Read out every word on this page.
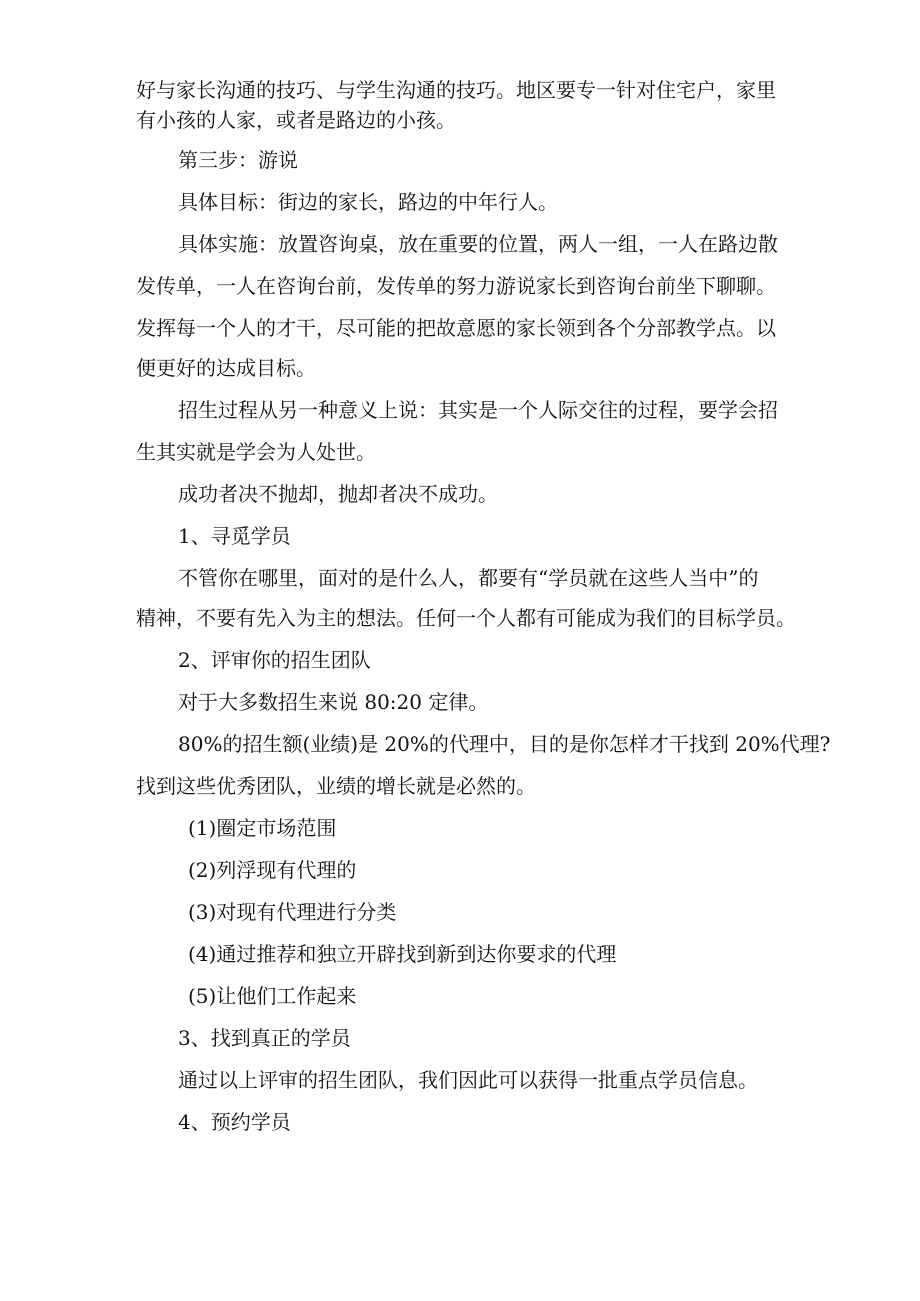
好与家长沟通的技巧、与学生沟通的技巧。地区要专一针对住宅户，家里
有小孩的人家，或者是路边的小孩。
第三步：游说
具体目标：街边的家长，路边的中年行人。
具体实施：放置咨询桌，放在重要的位置，两人一组，一人在路边散
发传单，一人在咨询台前，发传单的努力游说家长到咨询台前坐下聊聊。
发挥每一个人的才干，尽可能的把故意愿的家长领到各个分部教学点。以
便更好的达成目标。
招生过程从另一种意义上说：其实是一个人际交往的过程，要学会招
生其实就是学会为人处世。
成功者决不抛却，抛却者决不成功。
1、寻觅学员
不管你在哪里，面对的是什么人，都要有“学员就在这些人当中”的
精神，不要有先入为主的想法。任何一个人都有可能成为我们的目标学员。
2、评审你的招生团队
对于大多数招生来说 80:20 定律。
80%的招生额(业绩)是 20%的代理中，目的是你怎样才干找到 20%代理?
找到这些优秀团队，业绩的增长就是必然的。
(1)圈定市场范围
(2)列浮现有代理的
(3)对现有代理进行分类
(4)通过推荐和独立开辟找到新到达你要求的代理
(5)让他们工作起来
3、找到真正的学员
通过以上评审的招生团队，我们因此可以获得一批重点学员信息。
4、预约学员
